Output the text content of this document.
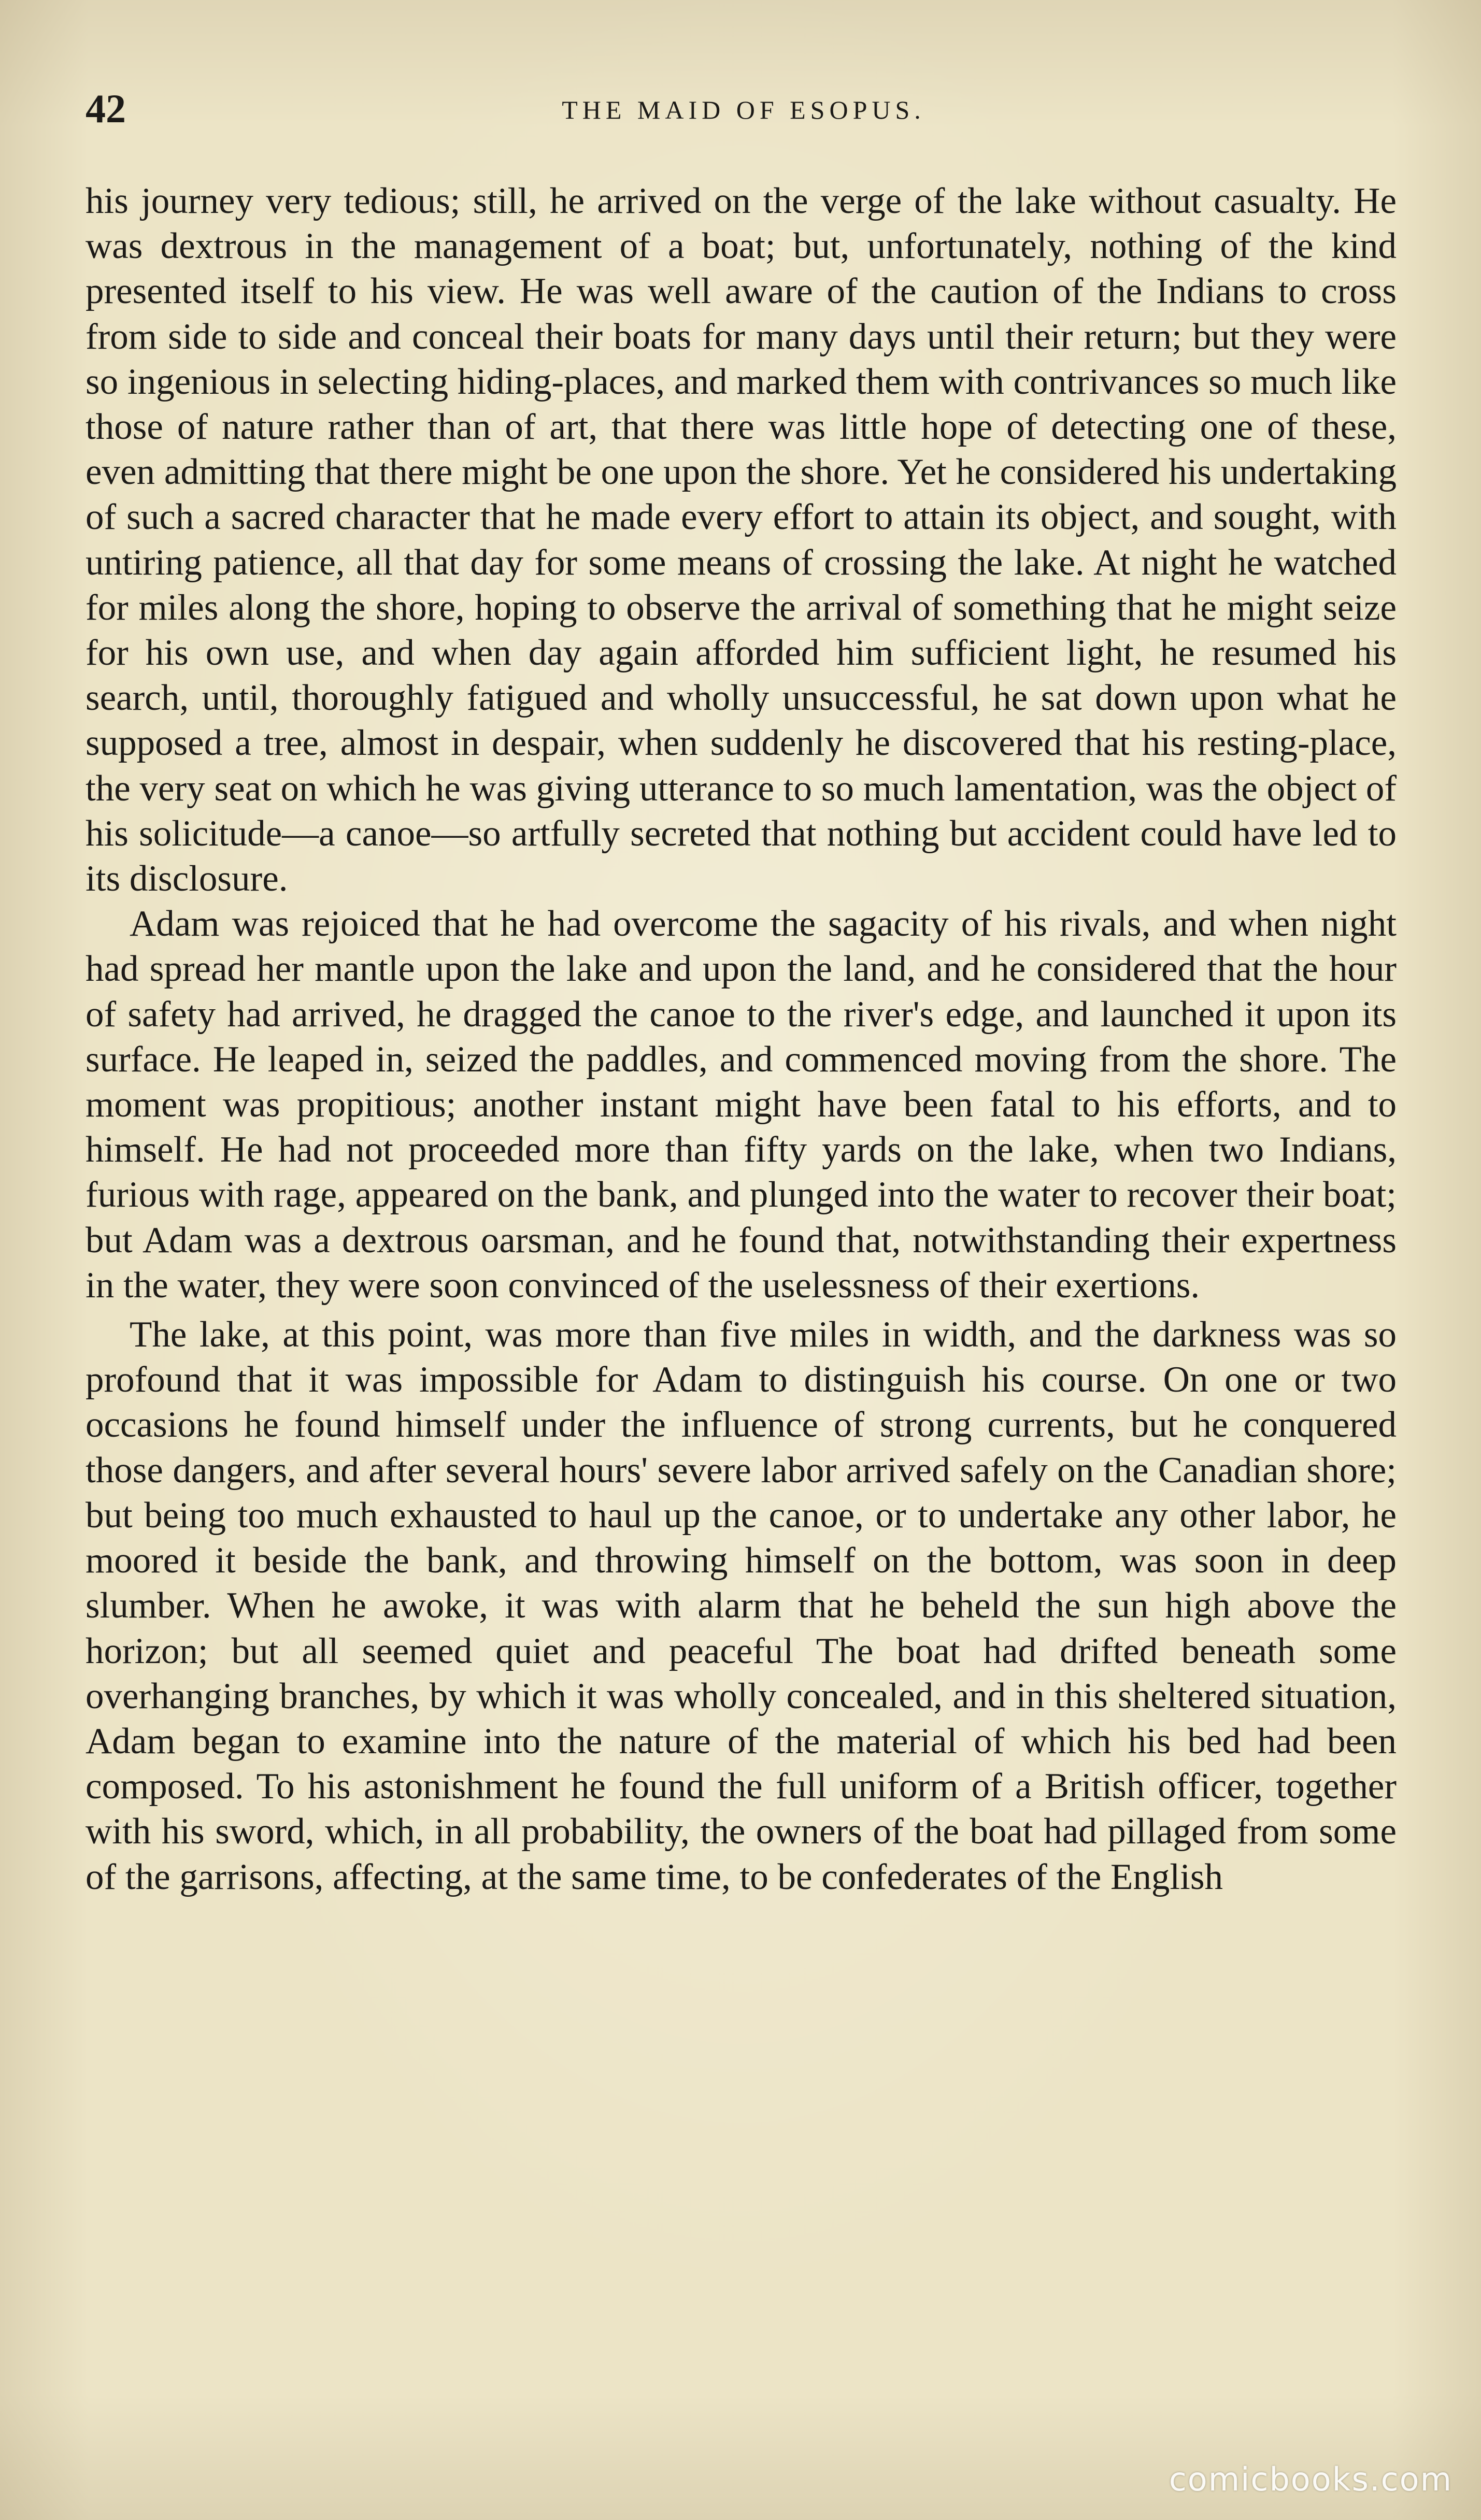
42	THE MAID OF ESOPUS.

his journey very tedious; still, he arrived on the verge of the lake without casualty. He was dextrous in the management of a boat; but, unfortunately, nothing of the kind presented itself to his view. He was well aware of the caution of the Indians to cross from side to side and conceal their boats for many days until their return; but they were so ingenious in selecting hiding-places, and marked them with contrivances so much like those of nature rather than of art, that there was little hope of detecting one of these, even admitting that there might be one upon the shore. Yet he considered his undertaking of such a sacred character that he made every effort to attain its object, and sought, with untiring patience, all that day for some means of crossing the lake. At night he watched for miles along the shore, hoping to observe the arrival of something that he might seize for his own use, and when day again afforded him sufficient light, he resumed his search, until, thoroughly fatigued and wholly unsuccessful, he sat down upon what he supposed a tree, almost in despair, when suddenly he discovered that his resting-place, the very seat on which he was giving utterance to so much lamentation, was the object of his solicitude—a canoe—so artfully secreted that nothing but accident could have led to its disclosure.

Adam was rejoiced that he had overcome the sagacity of his rivals, and when night had spread her mantle upon the lake and upon the land, and he considered that the hour of safety had arrived, he dragged the canoe to the river's edge, and launched it upon its surface. He leaped in, seized the paddles, and commenced moving from the shore. The moment was propitious; another instant might have been fatal to his efforts, and to himself. He had not proceeded more than fifty yards on the lake, when two Indians, furious with rage, appeared on the bank, and plunged into the water to recover their boat; but Adam was a dextrous oarsman, and he found that, notwithstanding their expertness in the water, they were soon convinced of the uselessness of their exertions.

The lake, at this point, was more than five miles in width, and the darkness was so profound that it was impossible for Adam to distinguish his course. On one or two occasions he found himself under the influence of strong currents, but he conquered those dangers, and after several hours' severe labor arrived safely on the Canadian shore; but being too much exhausted to haul up the canoe, or to undertake any other labor, he moored it beside the bank, and throwing himself on the bottom, was soon in deep slumber. When he awoke, it was with alarm that he beheld the sun high above the horizon; but all seemed quiet and peaceful The boat had drifted beneath some overhanging branches, by which it was wholly concealed, and in this sheltered situation, Adam began to examine into the nature of the material of which his bed had been composed. To his astonishment he found the full uniform of a British officer, together with his sword, which, in all probability, the owners of the boat had pillaged from some of the garrisons, affecting, at the same time, to be confederates of the English

comicbooks.com
